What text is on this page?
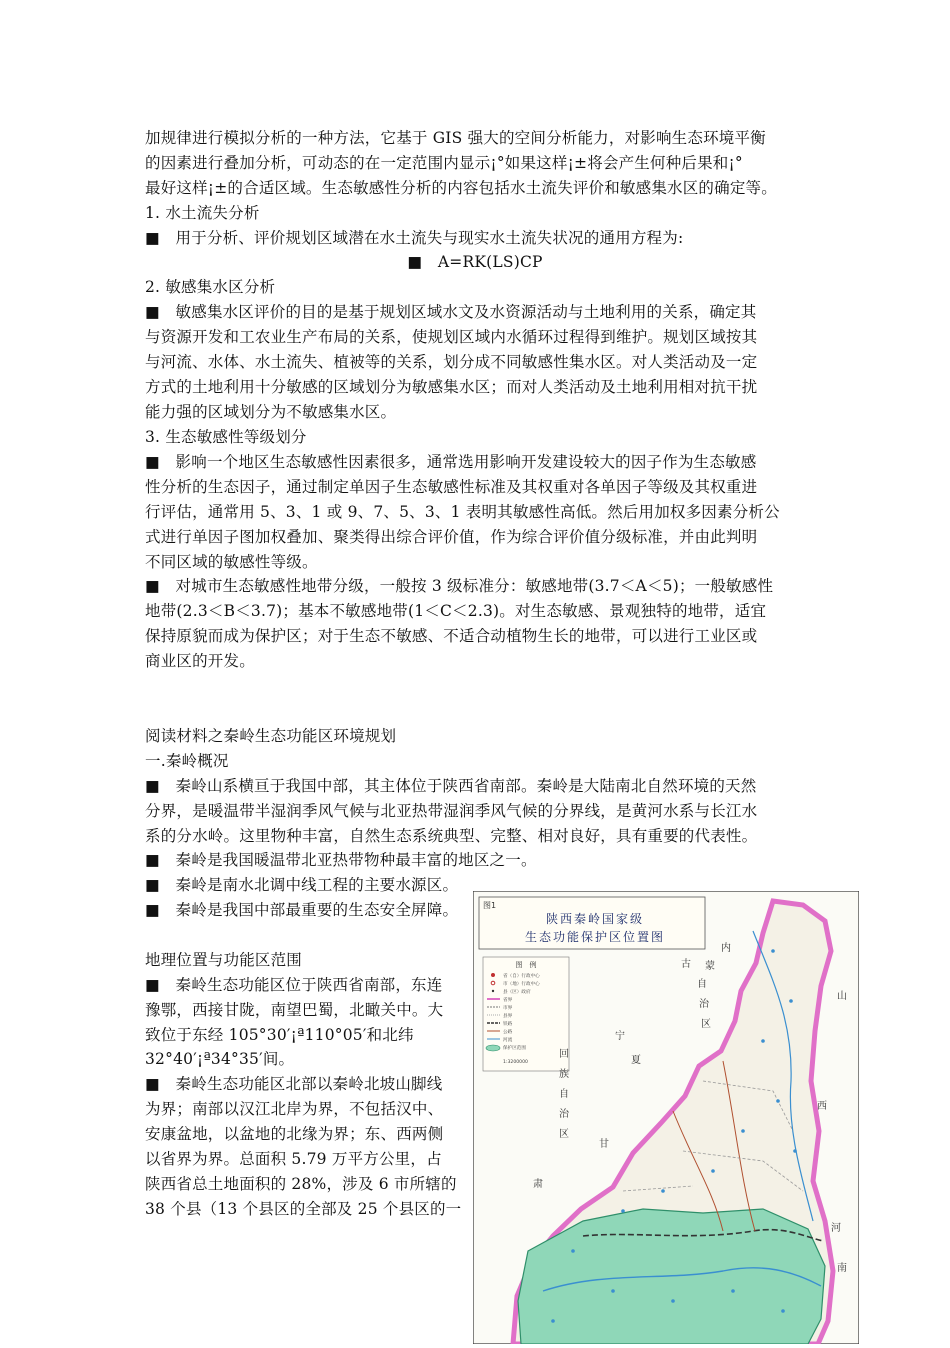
加规律进行模拟分析的一种方法，它基于 GIS 强大的空间分析能力，对影响生态环境平衡
的因素进行叠加分析，可动态的在一定范围内显示¡°如果这样¡±将会产生何种后果和¡°
最好这样¡±的合适区域。生态敏感性分析的内容包括水土流失评价和敏感集水区的确定等。
1. 水土流失分析
■　用于分析、评价规划区域潜在水土流失与现实水土流失状况的通用方程为:
■　A=RK(LS)CP
2. 敏感集水区分析
■　敏感集水区评价的目的是基于规划区域水文及水资源活动与土地利用的关系，确定其
与资源开发和工农业生产布局的关系，使规划区域内水循环过程得到维护。规划区域按其
与河流、水体、水土流失、植被等的关系，划分成不同敏感性集水区。对人类活动及一定
方式的土地利用十分敏感的区域划分为敏感集水区；而对人类活动及土地利用相对抗干扰
能力强的区域划分为不敏感集水区。
3. 生态敏感性等级划分
■　影响一个地区生态敏感性因素很多，通常选用影响开发建设较大的因子作为生态敏感
性分析的生态因子，通过制定单因子生态敏感性标准及其权重对各单因子等级及其权重进
行评估，通常用 5、3、1 或 9、7、5、3、1 表明其敏感性高低。然后用加权多因素分析公
式进行单因子图加权叠加、聚类得出综合评价值，作为综合评价值分级标准，并由此判明
不同区域的敏感性等级。
■　对城市生态敏感性地带分级，一般按 3 级标准分：敏感地带(3.7＜A＜5)；一般敏感性
地带(2.3＜B＜3.7)；基本不敏感地带(1＜C＜2.3)。对生态敏感、景观独特的地带，适宜
保持原貌而成为保护区；对于生态不敏感、不适合动植物生长的地带，可以进行工业区或
商业区的开发。
阅读材料之秦岭生态功能区环境规划
一.秦岭概况
■　秦岭山系横亘于我国中部，其主体位于陕西省南部。秦岭是大陆南北自然环境的天然
分界，是暖温带半湿润季风气候与北亚热带湿润季风气候的分界线，是黄河水系与长江水
系的分水岭。这里物种丰富，自然生态系统典型、完整、相对良好，具有重要的代表性。
■　秦岭是我国暖温带北亚热带物种最丰富的地区之一。
■　秦岭是南水北调中线工程的主要水源区。
■　秦岭是我国中部最重要的生态安全屏障。
地理位置与功能区范围
■　秦岭生态功能区位于陕西省南部，东连
豫鄂，西接甘陇，南望巴蜀，北瞰关中。大
致位于东经 105°30′¡ª110°05′和北纬
32°40′¡ª34°35′间。
■　秦岭生态功能区北部以秦岭北坡山脚线
为界；南部以汉江北岸为界，不包括汉中、
安康盆地，以盆地的北缘为界；东、西两侧
以省界为界。总面积 5.79 万平方公里，占
陕西省总土地面积的 28%，涉及 6 市所辖的
38 个县（13 个县区的全部及 25 个县区的一
图1
陕西秦岭国家级
生态功能保护区位置图
图　例
省（自）行政中心
市（地）行政中心
县（区）政府
省界
市界
县界
铁路
公路
河流
保护区范围
1:3200000
内
蒙
古
自
治
区
宁
夏
回
族
自
治
区
甘
肃
山
西
河
南
